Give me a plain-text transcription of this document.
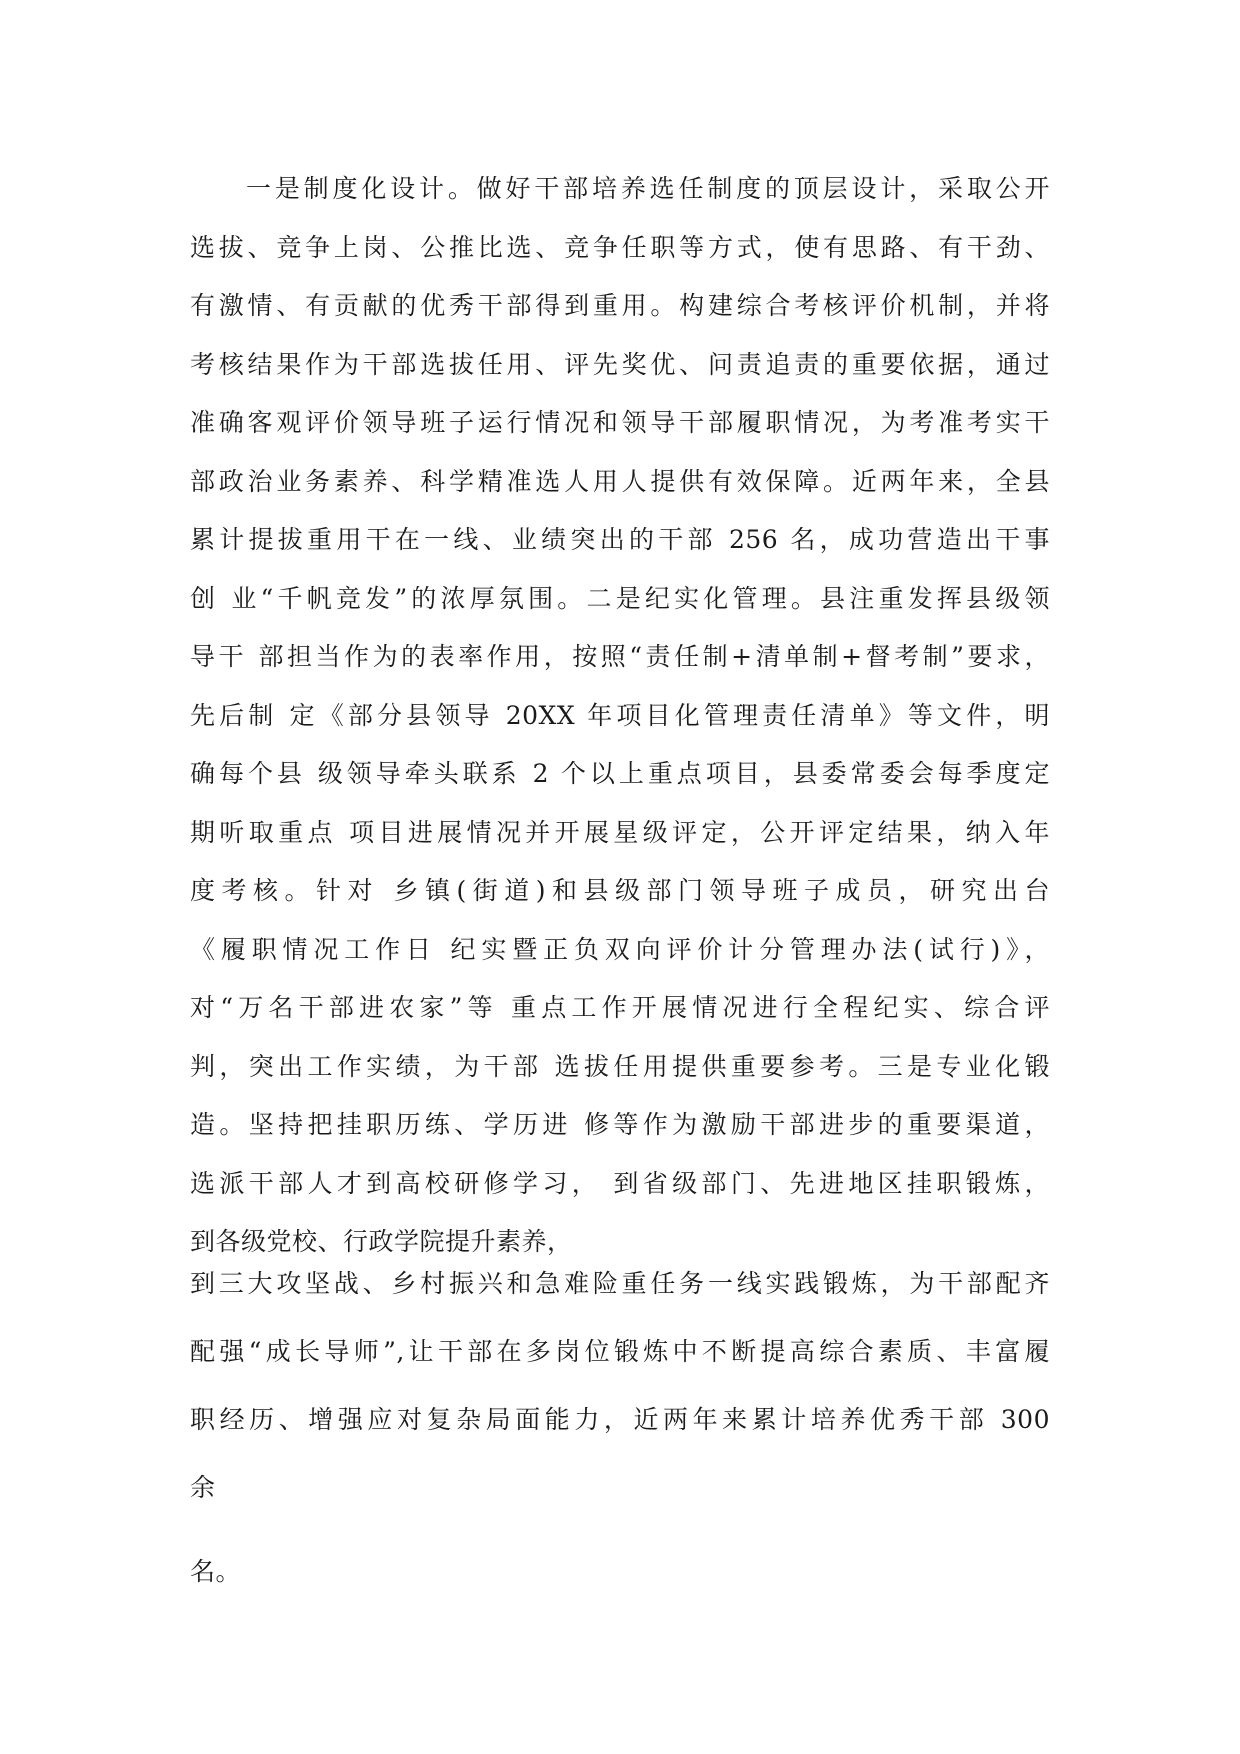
一是制度化设计。做好干部培养选任制度的顶层设计，采取公开
选拔、竞争上岗、公推比选、竞争任职等方式，使有思路、有干劲、
有激情、有贡献的优秀干部得到重用。构建综合考核评价机制，并将
考核结果作为干部选拔任用、评先奖优、问责追责的重要依据，通过
准确客观评价领导班子运行情况和领导干部履职情况，为考准考实干
部政治业务素养、科学精准选人用人提供有效保障。近两年来，全县
累计提拔重用干在一线、业绩突出的干部 256 名，成功营造出干事
创 业“千帆竞发”的浓厚氛围。二是纪实化管理。县注重发挥县级领
导干 部担当作为的表率作用，按照“责任制+清单制+督考制”要求，
先后制 定《部分县领导 20XX 年项目化管理责任清单》等文件，明
确每个县 级领导牵头联系 2 个以上重点项目，县委常委会每季度定
期听取重点 项目进展情况并开展星级评定，公开评定结果，纳入年
度考核。针对 乡镇(街道)和县级部门领导班子成员，研究出台
《履职情况工作日 纪实暨正负双向评价计分管理办法(试行)》，
对“万名干部进农家”等 重点工作开展情况进行全程纪实、综合评
判，突出工作实绩，为干部 选拔任用提供重要参考。三是专业化锻
造。坚持把挂职历练、学历进 修等作为激励干部进步的重要渠道，
选派干部人才到高校研修学习， 到省级部门、先进地区挂职锻炼，
到各级党校、行政学院提升素养，
到三大攻坚战、乡村振兴和急难险重任务一线实践锻炼，为干部配齐
配强“成长导师”,让干部在多岗位锻炼中不断提高综合素质、丰富履
职经历、增强应对复杂局面能力，近两年来累计培养优秀干部 300
余
名。
